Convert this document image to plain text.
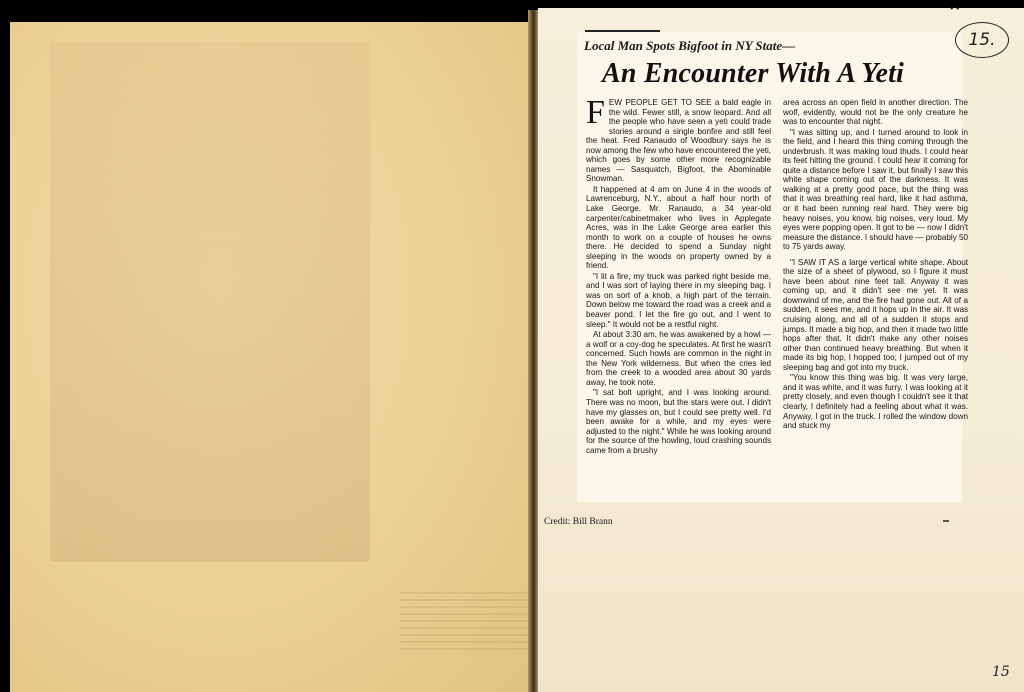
• •
Local Man Spots Bigfoot in NY State—
An Encounter With A Yeti
15.

FEW PEOPLE GET TO SEE a bald eagle in the wild. Fewer still, a snow leopard. And all the people who have seen a yeti could trade stories around a single bonfire and still feel the heat. Fred Ranaudo of Woodbury says he is now among the few who have encountered the yeti, which goes by some other more recognizable names — Sasquatch, Bigfoot, the Abominable Snowman.

It happened at 4 am on June 4 in the woods of Lawrenceburg, N.Y., about a half hour north of Lake George. Mr. Ranaudo, a 34 year-old carpenter/cabinetmaker who lives in Applegate Acres, was in the Lake George area earlier this month to work on a couple of houses he owns there. He decided to spend a Sunday night sleeping in the woods on property owned by a friend.

"I lit a fire, my truck was parked right beside me, and I was sort of laying there in my sleeping bag. I was on sort of a knob, a high part of the terrain. Down below me toward the road was a creek and a beaver pond. I let the fire go out, and I went to sleep." It would not be a restful night.

At about 3:30 am, he was awakened by a howl — a wolf or a coy-dog he speculates. At first he wasn't concerned. Such howls are common in the night in the New York wilderness. But when the cries led from the creek to a wooded area about 30 yards away, he took note.

"I sat bolt upright, and I was looking around. There was no moon, but the stars were out. I didn't have my glasses on, but I could see pretty well. I'd been awake for a while, and my eyes were adjusted to the night." While he was looking around for the source of the howling, loud crashing sounds came from a brushy

area across an open field in another direction. The wolf, evidently, would not be the only creature he was to encounter that night.

"I was sitting up, and I turned around to look in the field, and I heard this thing coming through the underbrush. It was making loud thuds. I could hear its feet hitting the ground. I could hear it coming for quite a distance before I saw it, but finally I saw this white shape coming out of the darkness. It was walking at a pretty good pace, but the thing was that it was breathing real hard, like it had asthma, or it had been running real hard. They were big heavy noises, you know, big noises, very loud. My eyes were popping open. It got to be — now I didn't measure the distance. I should have — probably 50 to 75 yards away.

"I SAW IT AS a large vertical white shape. About the size of a sheet of plywood, so I figure it must have been about nine feet tall. Anyway it was coming up, and it didn't see me yet. It was downwind of me, and the fire had gone out. All of a sudden, it sees me, and it hops up in the air. It was cruising along, and all of a sudden it stops and jumps. It made a big hop, and then it made two little hops after that. It didn't make any other noises other than continued heavy breathing. But when it made its big hop, I hopped too; I jumped out of my sleeping bag and got into my truck.

"You know this thing was big. It was very large, and it was white, and it was furry. I was looking at it pretty closely, and even though I couldn't see it that clearly, I definitely had a feeling about what it was. Anyway, I got in the truck. I rolled the window down and stuck my

Credit: Bill Brann
15
